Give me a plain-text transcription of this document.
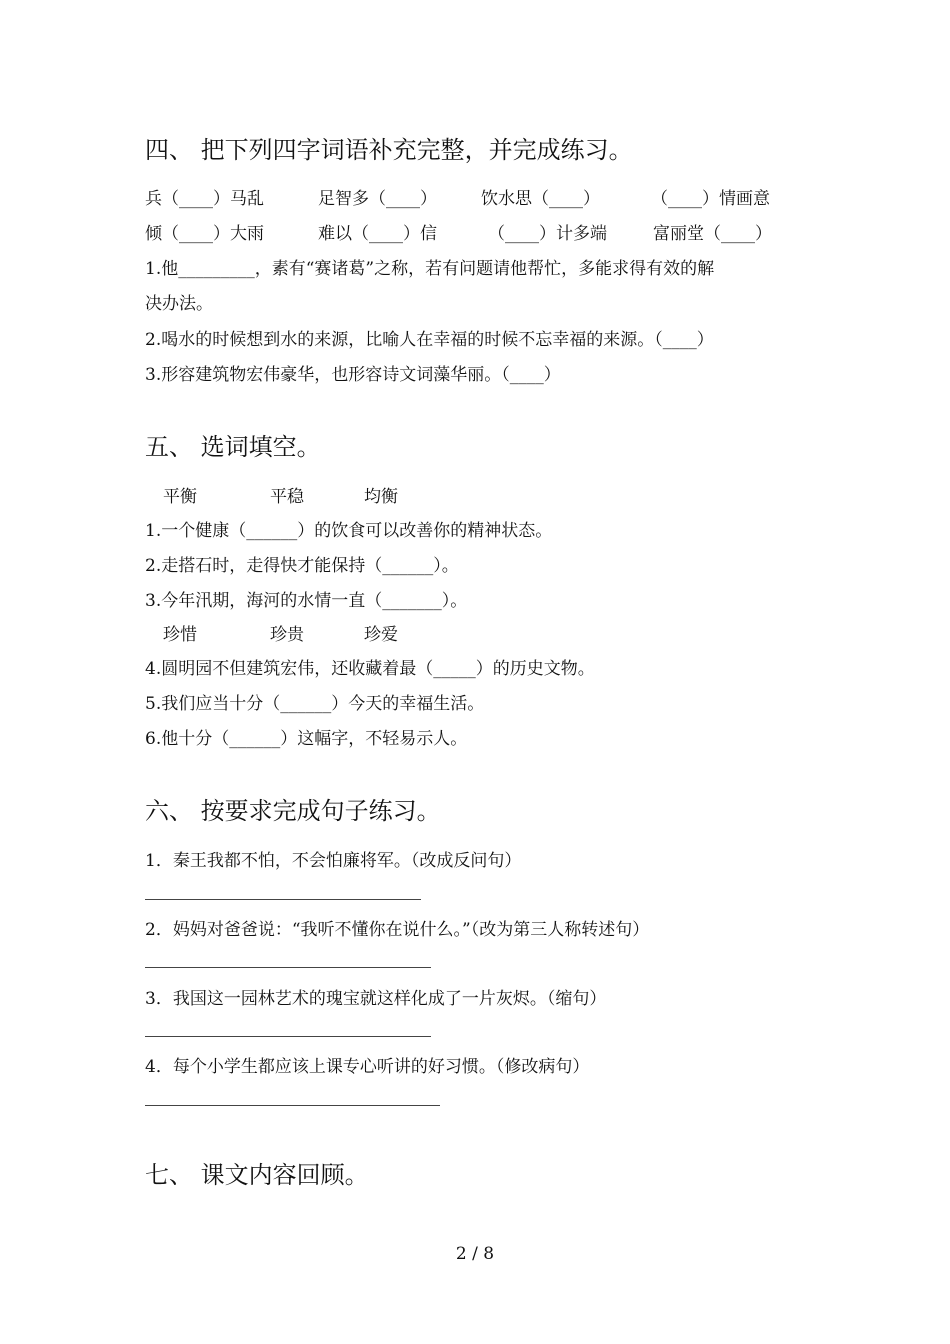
四、 把下列四字词语补充完整，并完成练习。
兵（____）马乱	足智多（____）	饮水思（____）	（____）情画意
倾（____）大雨	难以（____）信	（____）计多端	富丽堂（____）
1.他_________，素有“赛诸葛”之称，若有问题请他帮忙，多能求得有效的解
决办法。
2.喝水的时候想到水的来源，比喻人在幸福的时候不忘幸福的来源。（____）
3.形容建筑物宏伟豪华，也形容诗文词藻华丽。（____）
五、 选词填空。
平衡	平稳	均衡
1.一个健康（______）的饮食可以改善你的精神状态。
2.走搭石时，走得快才能保持（______）。
3.今年汛期，海河的水情一直（_______）。
珍惜	珍贵	珍爱
4.圆明园不但建筑宏伟，还收藏着最（_____）的历史文物。
5.我们应当十分（______）今天的幸福生活。
6.他十分（______）这幅字，不轻易示人。
六、 按要求完成句子练习。
1．秦王我都不怕，不会怕廉将军。（改成反问句）
2．妈妈对爸爸说：“我听不懂你在说什么。”（改为第三人称转述句）
3．我国这一园林艺术的瑰宝就这样化成了一片灰烬。（缩句）
4．每个小学生都应该上课专心听讲的好习惯。（修改病句）
七、 课文内容回顾。
2 / 8
